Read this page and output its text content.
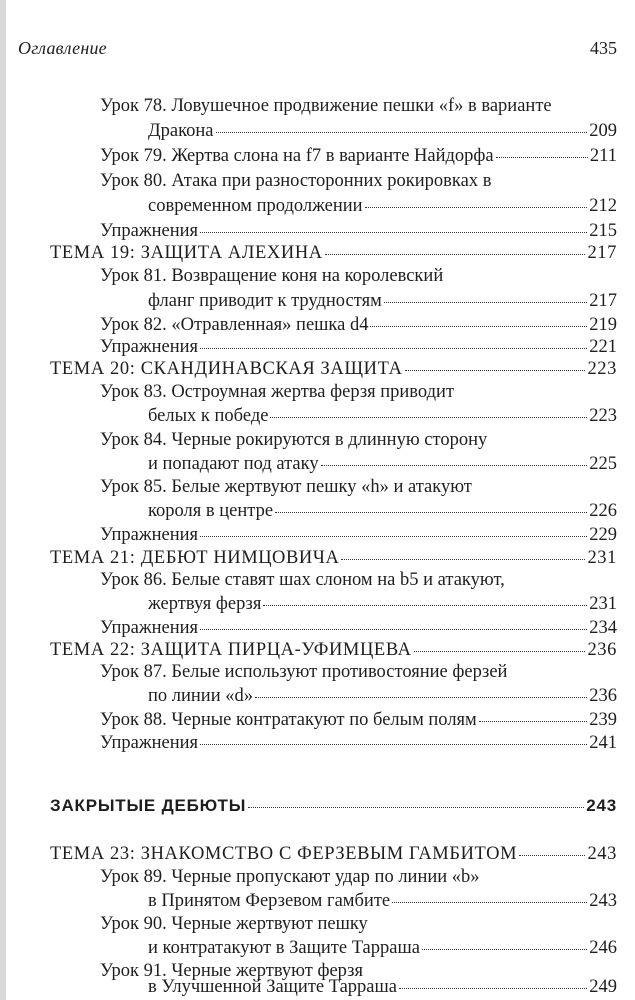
Оглавление	435
Урок 78. Ловушечное продвижение пешки «f» в варианте
Дракона	209
Урок 79. Жертва слона на f7 в варианте Найдорфа	211
Урок 80. Атака при разносторонних рокировках в
современном продолжении	212
Упражнения	215
ТЕМА 19: ЗАЩИТА АЛЕХИНА	217
Урок 81. Возвращение коня на королевский
фланг приводит к трудностям	217
Урок 82. «Отравленная» пешка d4	219
Упражнения	221
ТЕМА 20: СКАНДИНАВСКАЯ ЗАЩИТА	223
Урок 83. Остроумная жертва ферзя приводит
белых к победе	223
Урок 84. Черные рокируются в длинную сторону
и попадают под атаку	225
Урок 85. Белые жертвуют пешку «h» и атакуют
короля в центре	226
Упражнения	229
ТЕМА 21: ДЕБЮТ НИМЦОВИЧА	231
Урок 86. Белые ставят шах слоном на b5 и атакуют,
жертвуя ферзя	231
Упражнения	234
ТЕМА 22: ЗАЩИТА ПИРЦА-УФИМЦЕВА	236
Урок 87. Белые используют противостояние ферзей
по линии «d»	236
Урок 88. Черные контратакуют по белым полям	239
Упражнения	241
ЗАКРЫТЫЕ ДЕБЮТЫ	243
ТЕМА 23: ЗНАКОМСТВО С ФЕРЗЕВЫМ ГАМБИТОМ	243
Урок 89. Черные пропускают удар по линии «b»
в Принятом Ферзевом гамбите	243
Урок 90. Черные жертвуют пешку
и контратакуют в Защите Тарраша	246
Урок 91. Черные жертвуют ферзя
в Улучшенной Защите Тарраша	249
